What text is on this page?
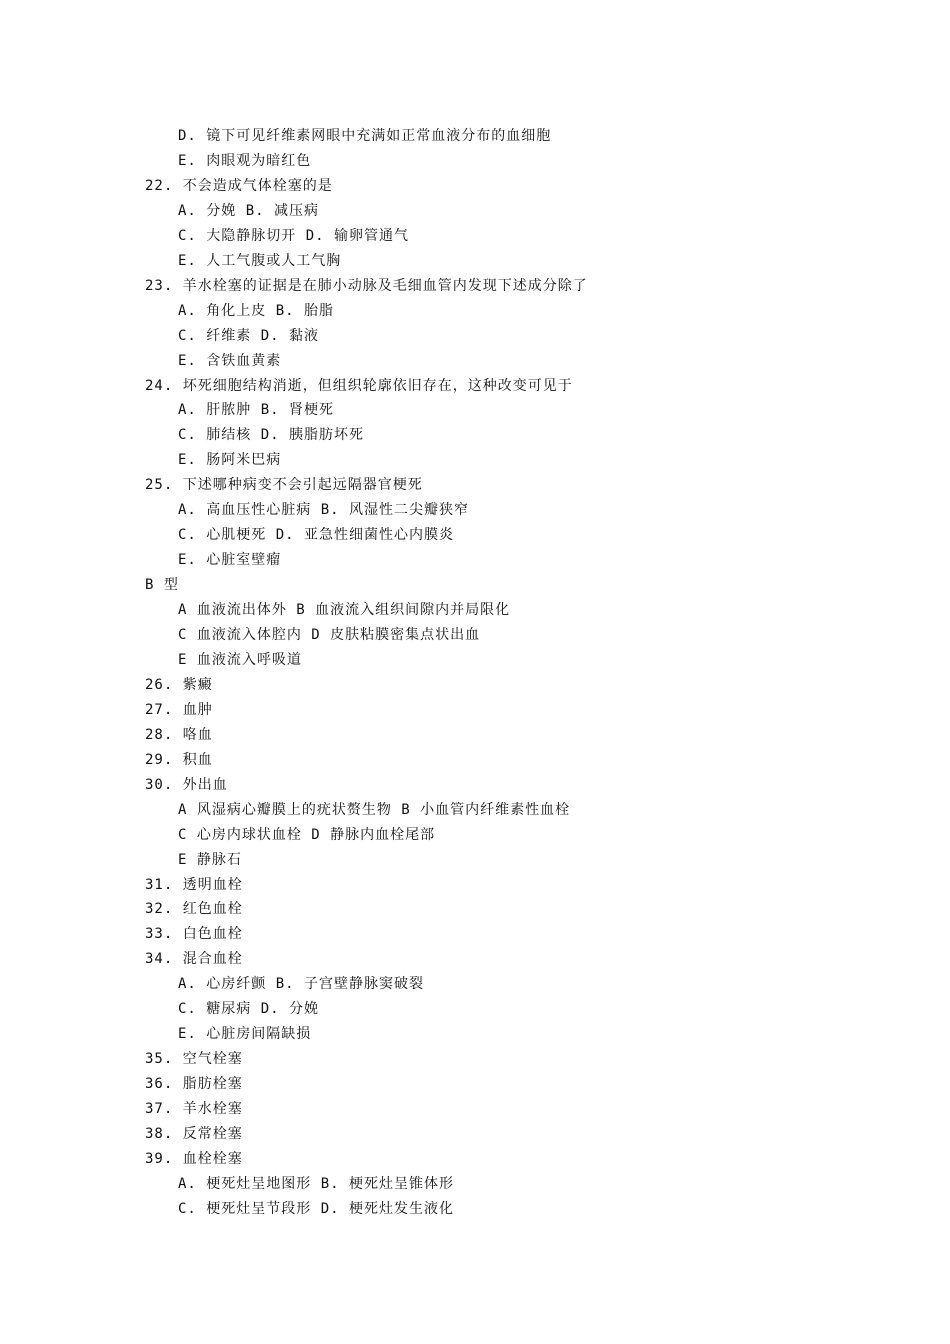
D. 镜下可见纤维素网眼中充满如正常血液分布的血细胞
E. 肉眼观为暗红色
22. 不会造成气体栓塞的是
A. 分娩 B. 减压病
C. 大隐静脉切开 D. 输卵管通气
E. 人工气腹或人工气胸
23. 羊水栓塞的证据是在肺小动脉及毛细血管内发现下述成分除了
A. 角化上皮 B. 胎脂
C. 纤维素 D. 黏液
E. 含铁血黄素
24. 坏死细胞结构消逝，但组织轮廓依旧存在，这种改变可见于
A. 肝脓肿 B. 肾梗死
C. 肺结核 D. 胰脂肪坏死
E. 肠阿米巴病
25. 下述哪种病变不会引起远隔器官梗死
A. 高血压性心脏病 B. 风湿性二尖瓣狭窄
C. 心肌梗死 D. 亚急性细菌性心内膜炎
E. 心脏室壁瘤
B 型
A 血液流出体外 B 血液流入组织间隙内并局限化
C 血液流入体腔内 D 皮肤粘膜密集点状出血
E 血液流入呼吸道
26. 紫癜
27. 血肿
28. 咯血
29. 积血
30. 外出血
A 风湿病心瓣膜上的疣状赘生物 B 小血管内纤维素性血栓
C 心房内球状血栓 D 静脉内血栓尾部
E 静脉石
31. 透明血栓
32. 红色血栓
33. 白色血栓
34. 混合血栓
A. 心房纤颤 B. 子宫壁静脉窦破裂
C. 糖尿病 D. 分娩
E. 心脏房间隔缺损
35. 空气栓塞
36. 脂肪栓塞
37. 羊水栓塞
38. 反常栓塞
39. 血栓栓塞
A. 梗死灶呈地图形 B. 梗死灶呈锥体形
C. 梗死灶呈节段形 D. 梗死灶发生液化
